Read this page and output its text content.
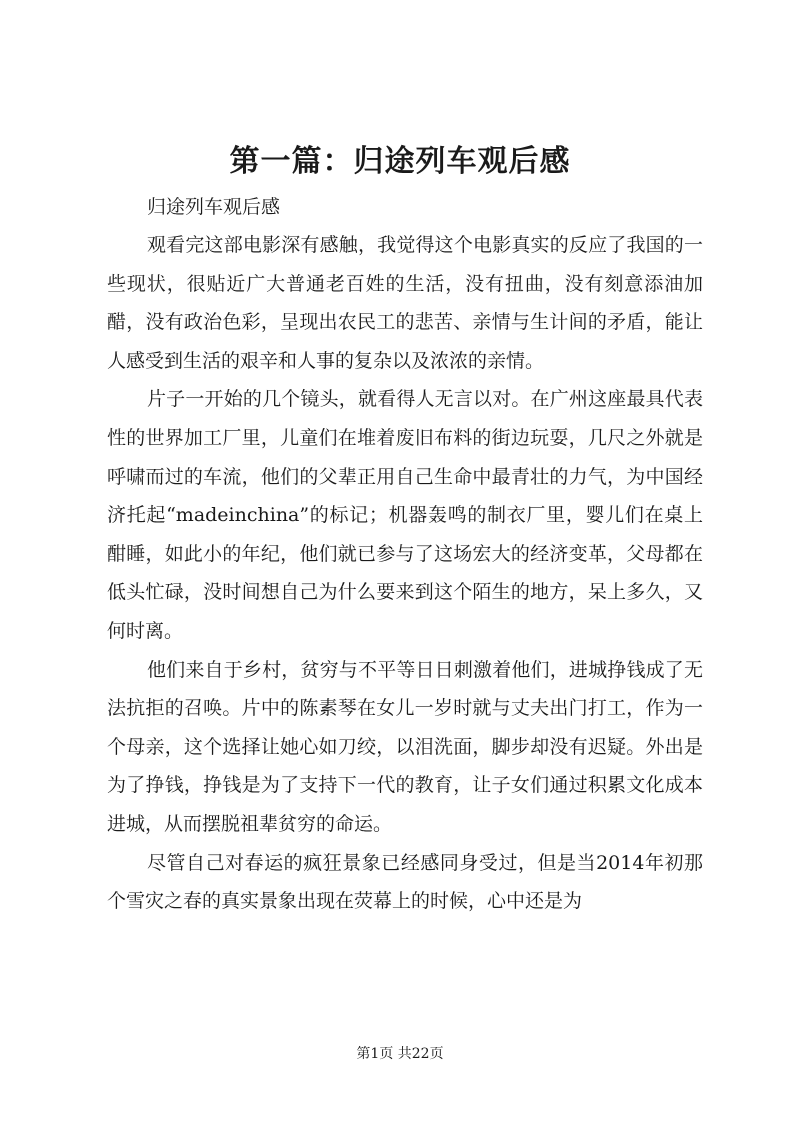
第一篇：归途列车观后感

归途列车观后感

观看完这部电影深有感触，我觉得这个电影真实的反应了我国的一些现状，很贴近广大普通老百姓的生活，没有扭曲，没有刻意添油加醋，没有政治色彩，呈现出农民工的悲苦、亲情与生计间的矛盾，能让人感受到生活的艰辛和人事的复杂以及浓浓的亲情。

片子一开始的几个镜头，就看得人无言以对。在广州这座最具代表性的世界加工厂里，儿童们在堆着废旧布料的街边玩耍，几尺之外就是呼啸而过的车流，他们的父辈正用自己生命中最青壮的力气，为中国经济托起“madeinchina”的标记；机器轰鸣的制衣厂里，婴儿们在桌上酣睡，如此小的年纪，他们就已参与了这场宏大的经济变革，父母都在低头忙碌，没时间想自己为什么要来到这个陌生的地方，呆上多久，又何时离。

他们来自于乡村，贫穷与不平等日日刺激着他们，进城挣钱成了无法抗拒的召唤。片中的陈素琴在女儿一岁时就与丈夫出门打工，作为一个母亲，这个选择让她心如刀绞，以泪洗面，脚步却没有迟疑。外出是为了挣钱，挣钱是为了支持下一代的教育，让子女们通过积累文化成本进城，从而摆脱祖辈贫穷的命运。

尽管自己对春运的疯狂景象已经感同身受过，但是当2014年初那个雪灾之春的真实景象出现在荧幕上的时候，心中还是为

第1页 共22页
